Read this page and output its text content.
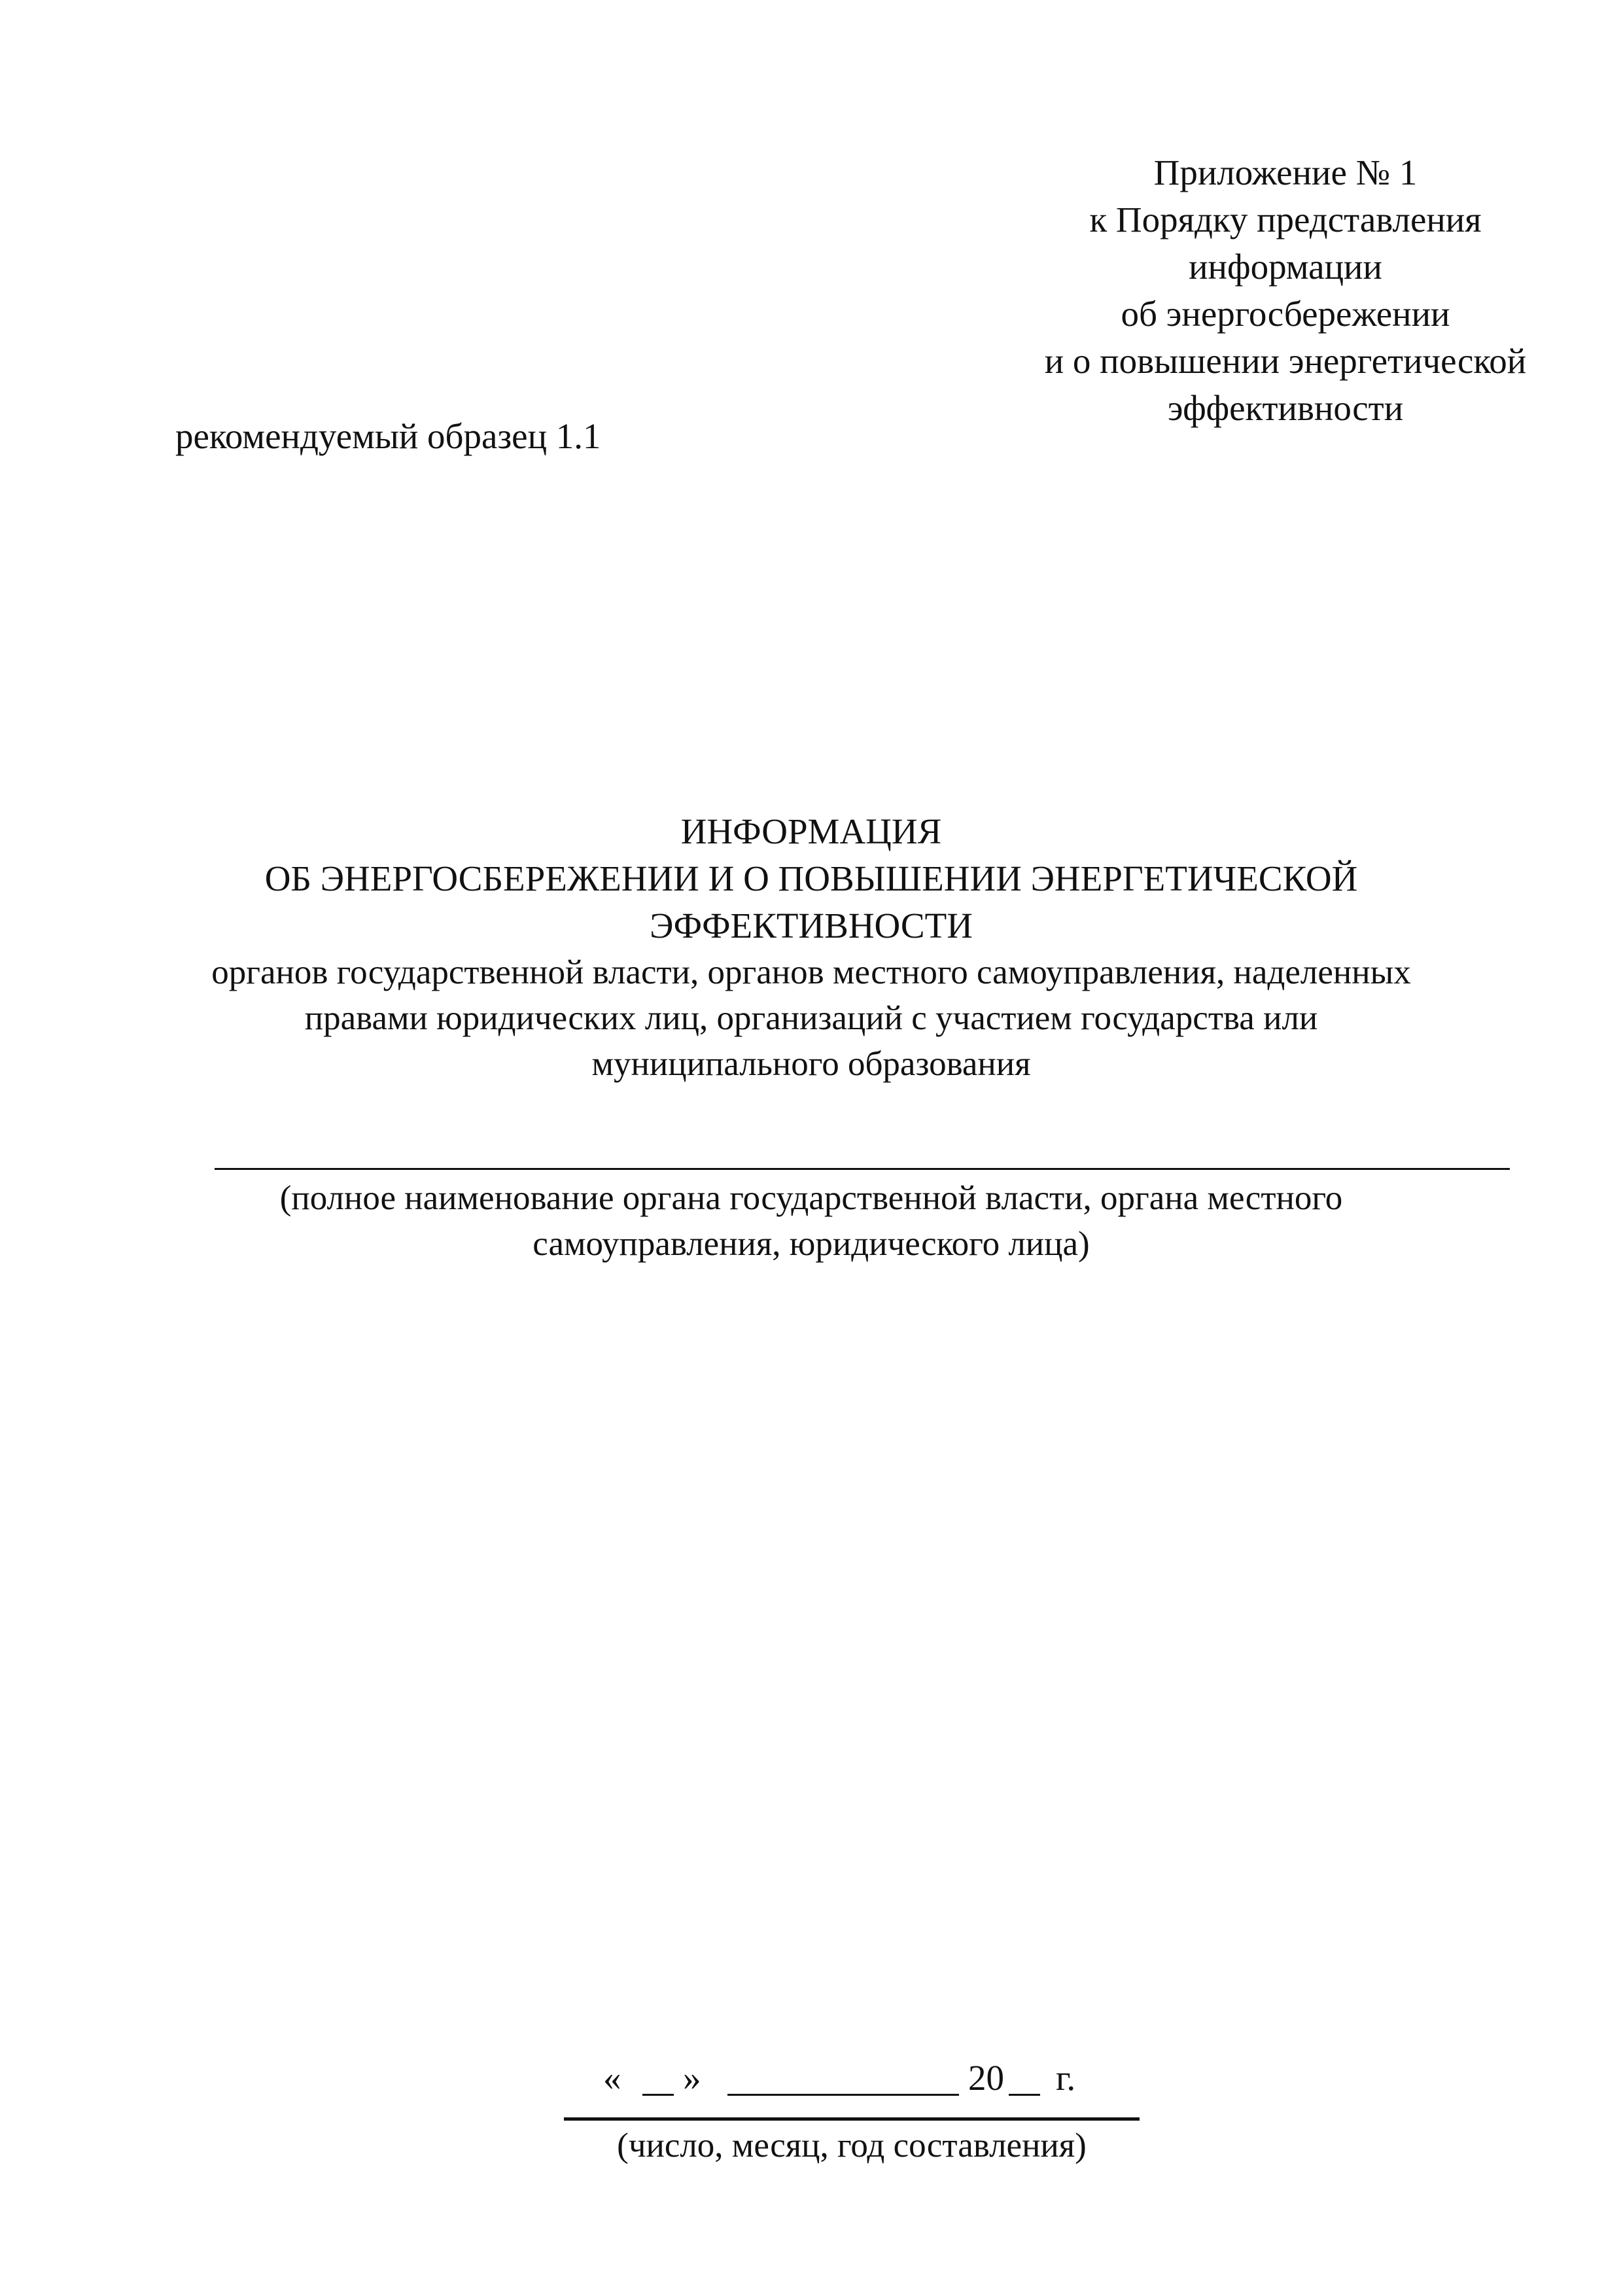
Приложение № 1
к Порядку представления
информации
об энергосбережении
и о повышении энергетической
эффективности
рекомендуемый образец 1.1
ИНФОРМАЦИЯ
ОБ ЭНЕРГОСБЕРЕЖЕНИИ И О ПОВЫШЕНИИ ЭНЕРГЕТИЧЕСКОЙ
ЭФФЕКТИВНОСТИ
органов государственной власти, органов местного самоуправления, наделенных
правами юридических лиц, организаций с участием государства или
муниципального образования
(полное наименование органа государственной власти, органа местного
самоуправления, юридического лица)
« »	20 г.
(число, месяц, год составления)
